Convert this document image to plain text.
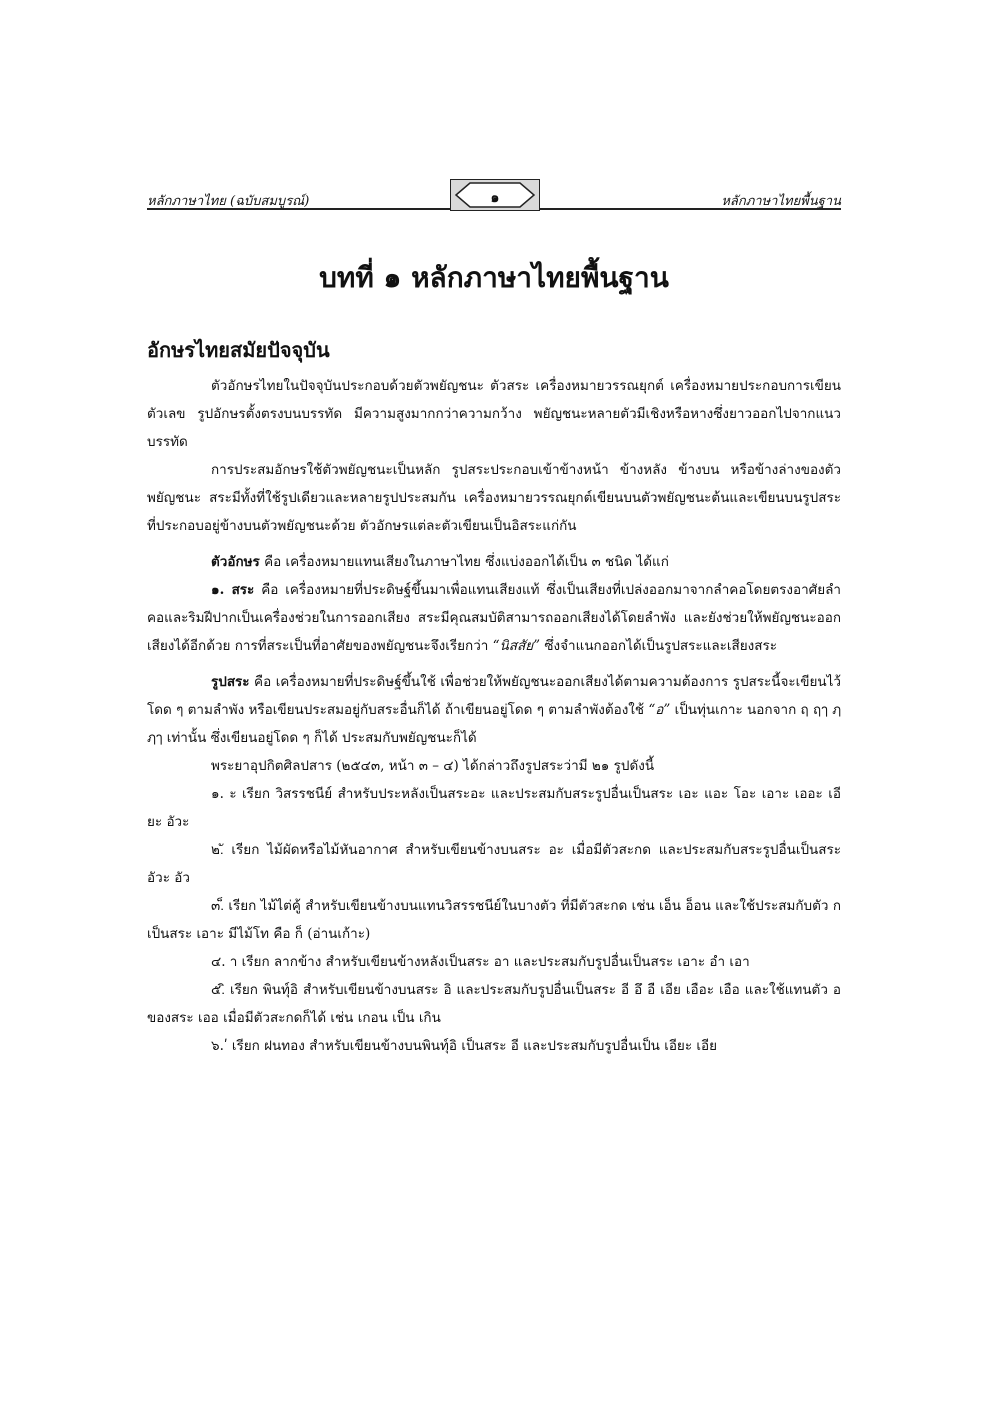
หลักภาษาไทย (ฉบับสมบูรณ์)	๑	หลักภาษาไทยพื้นฐาน
บทที่ ๑ หลักภาษาไทยพื้นฐาน
อักษรไทยสมัยปัจจุบัน

ตัวอักษรไทยในปัจจุบันประกอบด้วยตัวพยัญชนะ ตัวสระ เครื่องหมายวรรณยุกต์ เครื่องหมายประกอบการเขียน ตัวเลข รูปอักษรตั้งตรงบนบรรทัด มีความสูงมากกว่าความกว้าง พยัญชนะหลายตัวมีเชิงหรือหางซึ่งยาวออกไปจากแนวบรรทัด

การประสมอักษรใช้ตัวพยัญชนะเป็นหลัก รูปสระประกอบเข้าข้างหน้า ข้างหลัง ข้างบน หรือข้างล่างของตัวพยัญชนะ สระมีทั้งที่ใช้รูปเดียวและหลายรูปประสมกัน เครื่องหมายวรรณยุกต์เขียนบนตัวพยัญชนะต้นและเขียนบนรูปสระที่ประกอบอยู่ข้างบนตัวพยัญชนะด้วย ตัวอักษรแต่ละตัวเขียนเป็นอิสระแก่กัน

ตัวอักษร คือ เครื่องหมายแทนเสียงในภาษาไทย ซึ่งแบ่งออกได้เป็น ๓ ชนิด ได้แก่

๑. สระ คือ เครื่องหมายที่ประดิษฐ์ขึ้นมาเพื่อแทนเสียงแท้ ซึ่งเป็นเสียงที่เปล่งออกมาจากลำคอโดยตรงอาศัยลำคอและริมฝีปากเป็นเครื่องช่วยในการออกเสียง สระมีคุณสมบัติสามารถออกเสียงได้โดยลำพัง และยังช่วยให้พยัญชนะออกเสียงได้อีกด้วย การที่สระเป็นที่อาศัยของพยัญชนะจึงเรียกว่า “นิสสัย” ซึ่งจำแนกออกได้เป็นรูปสระและเสียงสระ

รูปสระ คือ เครื่องหมายที่ประดิษฐ์ขึ้นใช้ เพื่อช่วยให้พยัญชนะออกเสียงได้ตามความต้องการ รูปสระนี้จะเขียนไว้โดด ๆ ตามลำพัง หรือเขียนประสมอยู่กับสระอื่นก็ได้ ถ้าเขียนอยู่โดด ๆ ตามลำพังต้องใช้ “อ” เป็นทุ่นเกาะ นอกจาก ฤ ฤๅ ฦ ฦๅ เท่านั้น ซึ่งเขียนอยู่โดด ๆ ก็ได้ ประสมกับพยัญชนะก็ได้

พระยาอุปกิตศิลปสาร (๒๕๔๓, หน้า ๓ – ๔) ได้กล่าวถึงรูปสระว่ามี ๒๑ รูปดังนี้

๑. ะ เรียก วิสรรชนีย์ สำหรับประหลังเป็นสระอะ และประสมกับสระรูปอื่นเป็นสระ เอะ แอะ โอะ เอาะ เออะ เอียะ อัวะ

๒.ั เรียก ไม้ผัดหรือไม้หันอากาศ สำหรับเขียนข้างบนสระ อะ เมื่อมีตัวสะกด และประสมกับสระรูปอื่นเป็นสระ อัวะ อัว

๓.็ เรียก ไม้ไต่คู้ สำหรับเขียนข้างบนแทนวิสรรชนีย์ในบางตัว ที่มีตัวสะกด เช่น เอ็น อ็อน และใช้ประสมกับตัว ก เป็นสระ เอาะ มีไม้โท คือ ก็ (อ่านเก้าะ)

๔. า เรียก ลากข้าง สำหรับเขียนข้างหลังเป็นสระ อา และประสมกับรูปอื่นเป็นสระ เอาะ อำ เอา

๕.ิ เรียก พินทุ์อิ สำหรับเขียนข้างบนสระ อิ และประสมกับรูปอื่นเป็นสระ อี อึ อื เอีย เอือะ เอือ และใช้แทนตัว อ ของสระ เออ เมื่อมีตัวสะกดก็ได้ เช่น เกอน เป็น เกิน

๖.ʹ เรียก ฝนทอง สำหรับเขียนข้างบนพินทุ์อิ เป็นสระ อี และประสมกับรูปอื่นเป็น เอียะ เอีย
